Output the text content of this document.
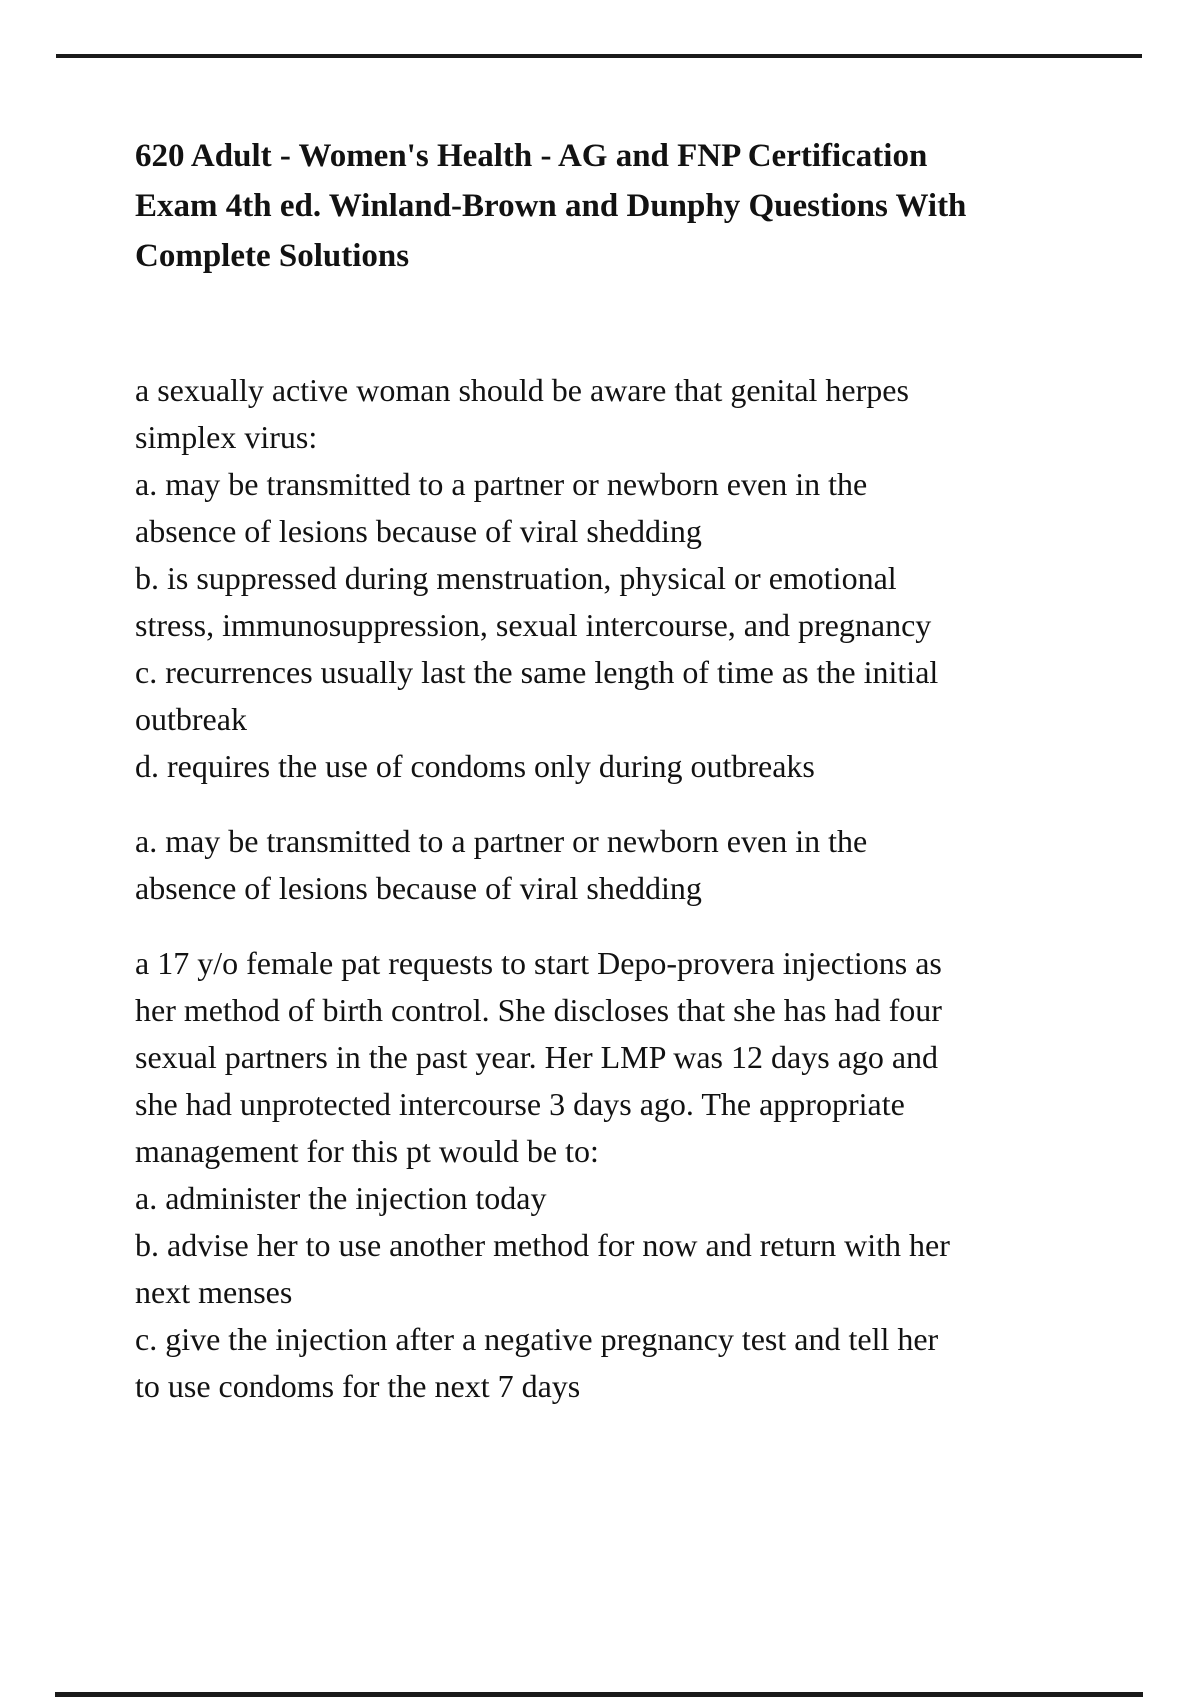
620 Adult - Women's Health - AG and FNP Certification
Exam 4th ed. Winland-Brown and Dunphy Questions With
Complete Solutions
a sexually active woman should be aware that genital herpes
simplex virus:
a. may be transmitted to a partner or newborn even in the
absence of lesions because of viral shedding
b. is suppressed during menstruation, physical or emotional
stress, immunosuppression, sexual intercourse, and pregnancy
c. recurrences usually last the same length of time as the initial
outbreak
d. requires the use of condoms only during outbreaks
a. may be transmitted to a partner or newborn even in the
absence of lesions because of viral shedding
a 17 y/o female pat requests to start Depo-provera injections as
her method of birth control. She discloses that she has had four
sexual partners in the past year. Her LMP was 12 days ago and
she had unprotected intercourse 3 days ago. The appropriate
management for this pt would be to:
a. administer the injection today
b. advise her to use another method for now and return with her
next menses
c. give the injection after a negative pregnancy test and tell her
to use condoms for the next 7 days
